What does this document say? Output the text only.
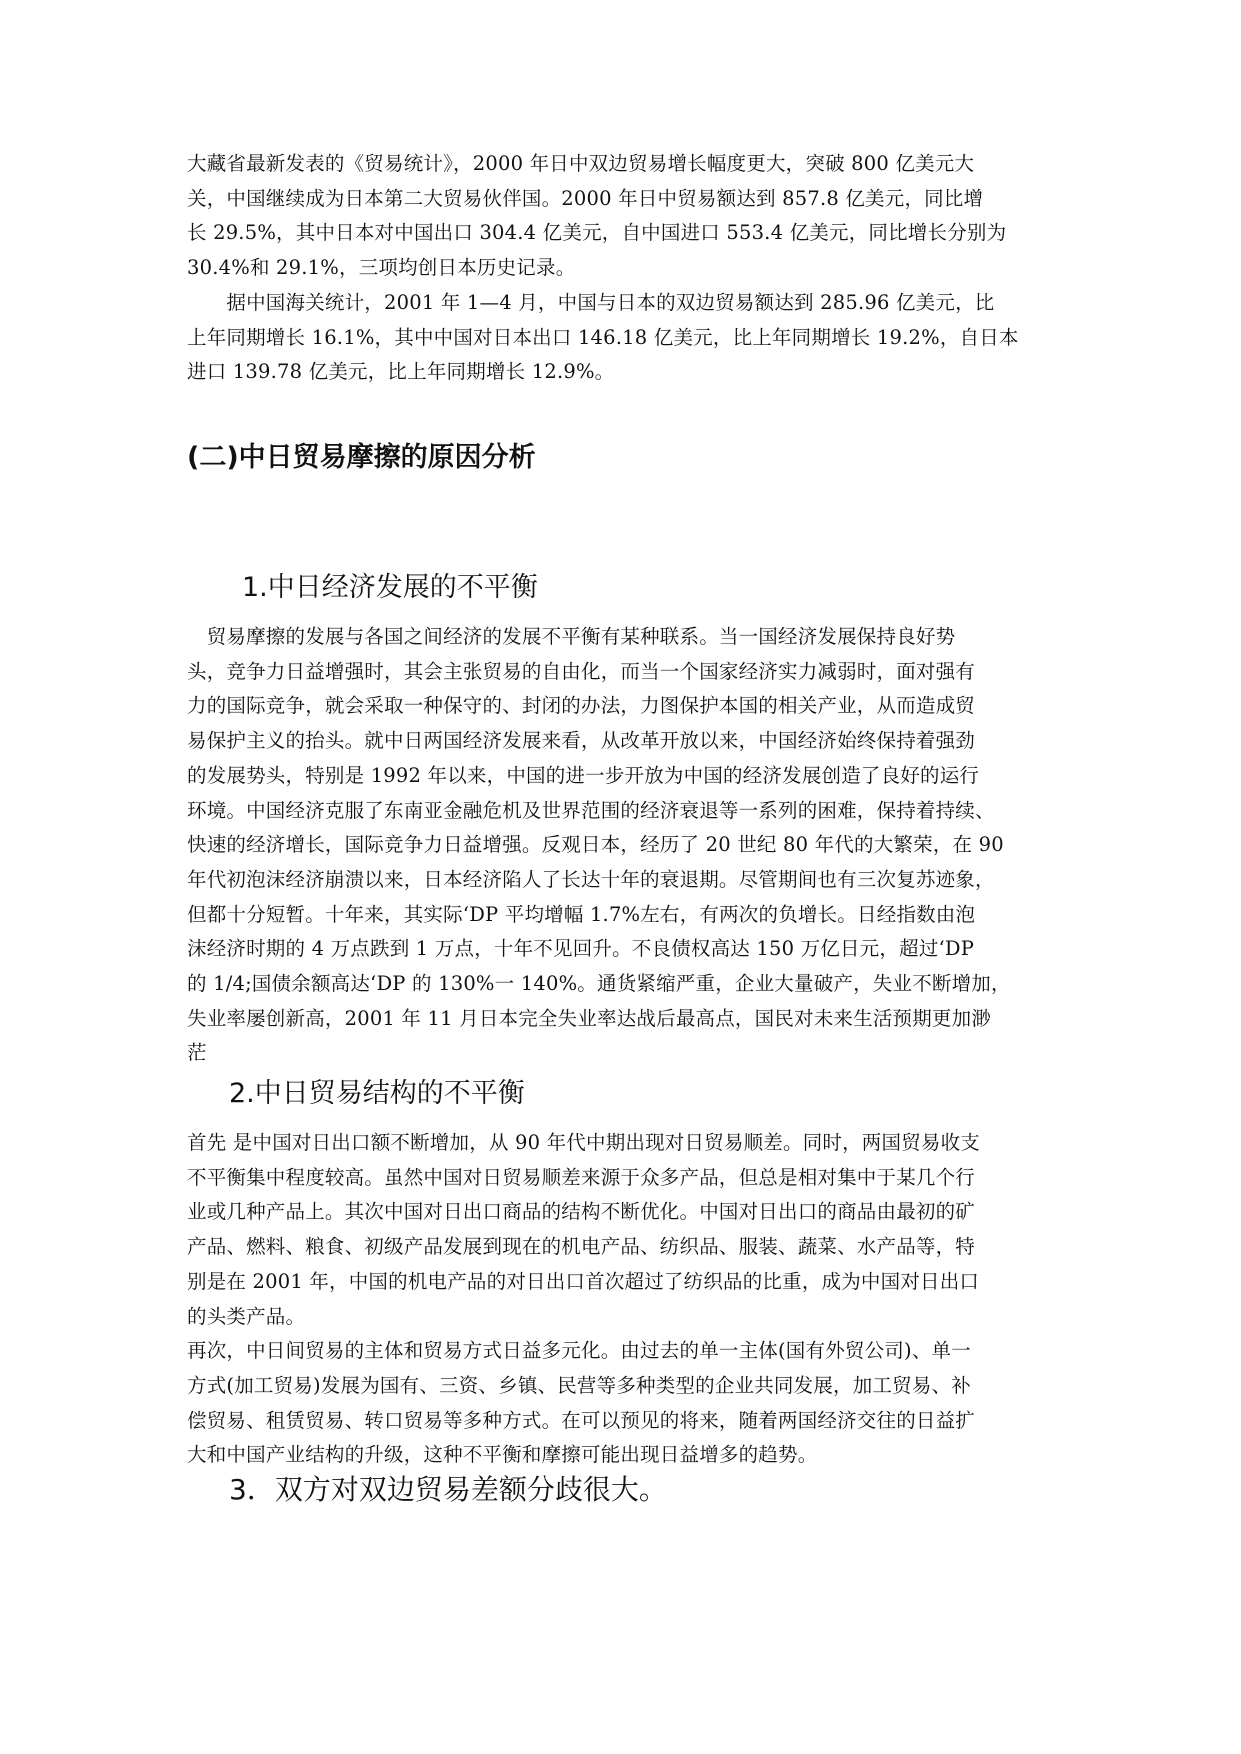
大藏省最新发表的《贸易统计》，2000 年日中双边贸易增长幅度更大，突破 800 亿美元大
关，中国继续成为日本第二大贸易伙伴国。2000 年日中贸易额达到 857.8 亿美元，同比增
长 29.5%，其中日本对中国出口 304.4 亿美元，自中国进口 553.4 亿美元，同比增长分别为
30.4%和 29.1%，三项均创日本历史记录。
　　据中国海关统计，2001 年 1—4 月，中国与日本的双边贸易额达到 285.96 亿美元，比
上年同期增长 16.1%，其中中国对日本出口 146.18 亿美元，比上年同期增长 19.2%，自日本
进口 139.78 亿美元，比上年同期增长 12.9%。
(二)中日贸易摩擦的原因分析
1.中日经济发展的不平衡
　贸易摩擦的发展与各国之间经济的发展不平衡有某种联系。当一国经济发展保持良好势
头，竞争力日益增强时，其会主张贸易的自由化，而当一个国家经济实力减弱时，面对强有
力的国际竞争，就会采取一种保守的、封闭的办法，力图保护本国的相关产业，从而造成贸
易保护主义的抬头。就中日两国经济发展来看，从改革开放以来，中国经济始终保持着强劲
的发展势头，特别是 1992 年以来，中国的进一步开放为中国的经济发展创造了良好的运行
环境。中国经济克服了东南亚金融危机及世界范围的经济衰退等一系列的困难，保持着持续、
快速的经济增长，国际竞争力日益增强。反观日本，经历了 20 世纪 80 年代的大繁荣，在 90
年代初泡沫经济崩溃以来，日本经济陷人了长达十年的衰退期。尽管期间也有三次复苏迹象，
但都十分短暂。十年来，其实际‘DP 平均增幅 1.7%左右，有两次的负增长。日经指数由泡
沫经济时期的 4 万点跌到 1 万点，十年不见回升。不良债权高达 150 万亿日元，超过‘DP
的 1/4;国债余额高达‘DP 的 130%一 140%。通货紧缩严重，企业大量破产，失业不断增加，
失业率屡创新高，2001 年 11 月日本完全失业率达战后最高点，国民对未来生活预期更加渺
茫
2.中日贸易结构的不平衡
首先 是中国对日出口额不断增加，从 90 年代中期出现对日贸易顺差。同时，两国贸易收支
不平衡集中程度较高。虽然中国对日贸易顺差来源于众多产品，但总是相对集中于某几个行
业或几种产品上。其次中国对日出口商品的结构不断优化。中国对日出口的商品由最初的矿
产品、燃料、粮食、初级产品发展到现在的机电产品、纺织品、服装、蔬菜、水产品等，特
别是在 2001 年，中国的机电产品的对日出口首次超过了纺织品的比重，成为中国对日出口
的头类产品。
再次，中日间贸易的主体和贸易方式日益多元化。由过去的单一主体(国有外贸公司)、单一
方式(加工贸易)发展为国有、三资、乡镇、民营等多种类型的企业共同发展，加工贸易、补
偿贸易、租赁贸易、转口贸易等多种方式。在可以预见的将来，随着两国经济交往的日益扩
大和中国产业结构的升级，这种不平衡和摩擦可能出现日益增多的趋势。
3．双方对双边贸易差额分歧很大。
